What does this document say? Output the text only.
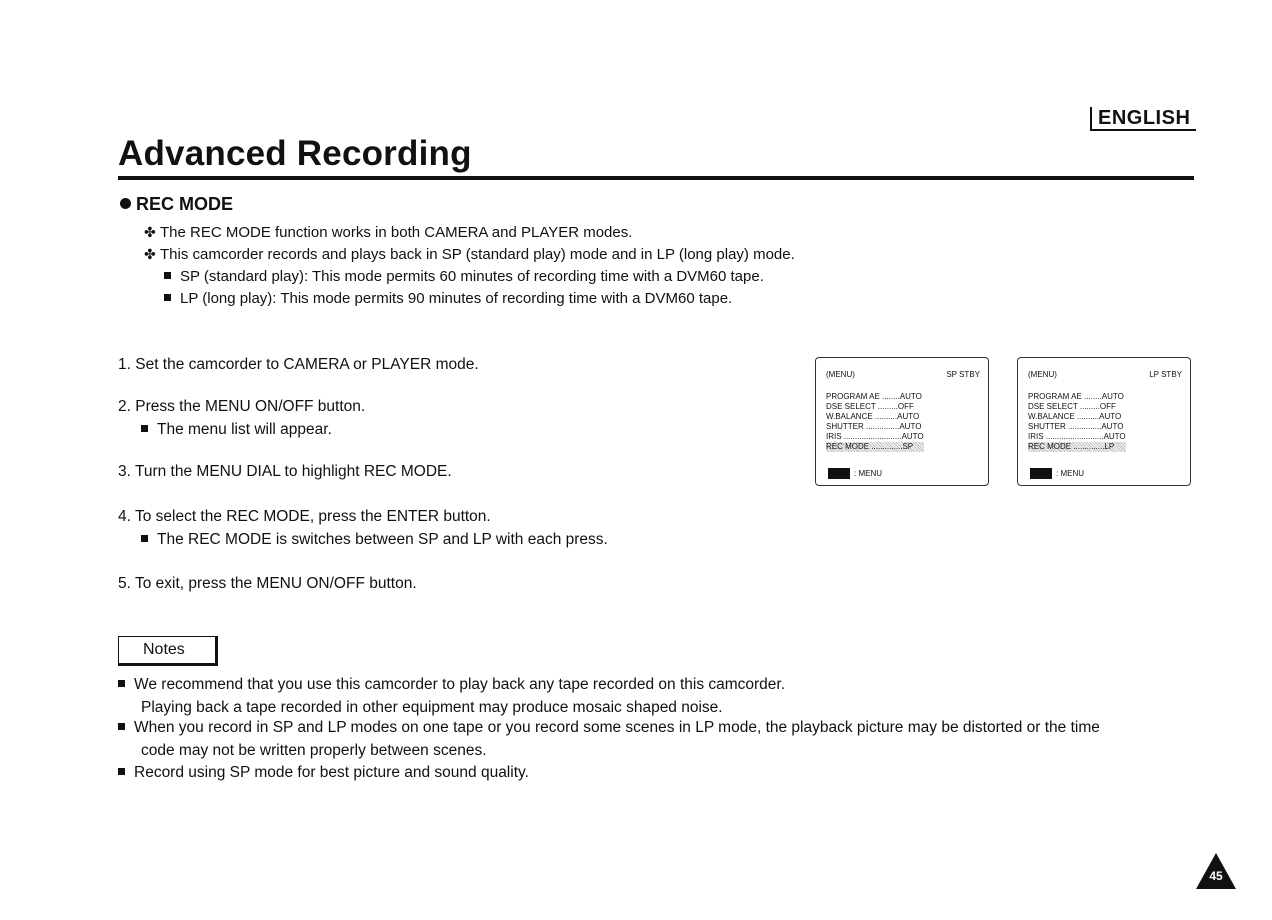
ENGLISH
Advanced Recording
REC MODE
✤ The REC MODE function works in both CAMERA and PLAYER modes.
✤ This camcorder records and plays back in SP (standard play) mode and in LP (long play) mode.
SP (standard play): This mode permits 60 minutes of recording time with a DVM60 tape.
LP (long play): This mode permits 90 minutes of recording time with a DVM60 tape.
1. Set the camcorder to CAMERA or PLAYER mode.
2. Press the MENU ON/OFF button.
The menu list will appear.
3. Turn the MENU DIAL to highlight REC MODE.
4. To select the REC MODE, press the ENTER button.
The REC MODE is switches between SP and LP with each press.
5. To exit, press the MENU ON/OFF button.
(MENU)	SP STBY
PROGRAM AE ........AUTO
DSE SELECT .........OFF
W.BALANCE ..........AUTO
SHUTTER ...............AUTO
IRIS ..........................AUTO
REC MODE ..............SP
: MENU
(MENU)	LP STBY
PROGRAM AE ........AUTO
DSE SELECT .........OFF
W.BALANCE ..........AUTO
SHUTTER ...............AUTO
IRIS ..........................AUTO
REC MODE ..............LP
: MENU
Notes
We recommend that you use this camcorder to play back any tape recorded on this camcorder.
Playing back a tape recorded in other equipment may produce mosaic shaped noise.
When you record in SP and LP modes on one tape or you record some scenes in LP mode, the playback picture may be distorted or the time
code may not be written properly between scenes.
Record using SP mode for best picture and sound quality.
45
